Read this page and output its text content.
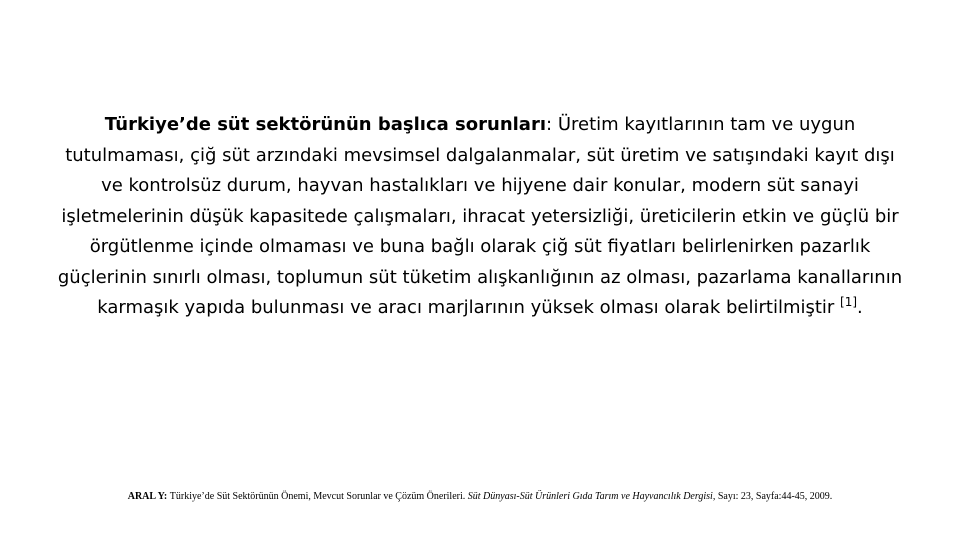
Türkiye’de süt sektörünün başlıca sorunları: Üretim kayıtlarının tam ve uygun tutulmaması, çiğ süt arzındaki mevsimsel dalgalanmalar, süt üretim ve satışındaki kayıt dışı ve kontrolsüz durum, hayvan hastalıkları ve hijyene dair konular, modern süt sanayi işletmelerinin düşük kapasitede çalışmaları, ihracat yetersizliği, üreticilerin etkin ve güçlü bir örgütlenme içinde olmaması ve buna bağlı olarak çiğ süt fiyatları belirlenirken pazarlık güçlerinin sınırlı olması, toplumun süt tüketim alışkanlığının az olması, pazarlama kanallarının karmaşık yapıda bulunması ve aracı marjlarının yüksek olması olarak belirtilmiştir [1].

ARAL Y: Türkiye’de Süt Sektörünün Önemi, Mevcut Sorunlar ve Çözüm Önerileri. Süt Dünyası-Süt Ürünleri Gıda Tarım ve Hayvancılık Dergisi, Sayı: 23, Sayfa:44-45, 2009.
